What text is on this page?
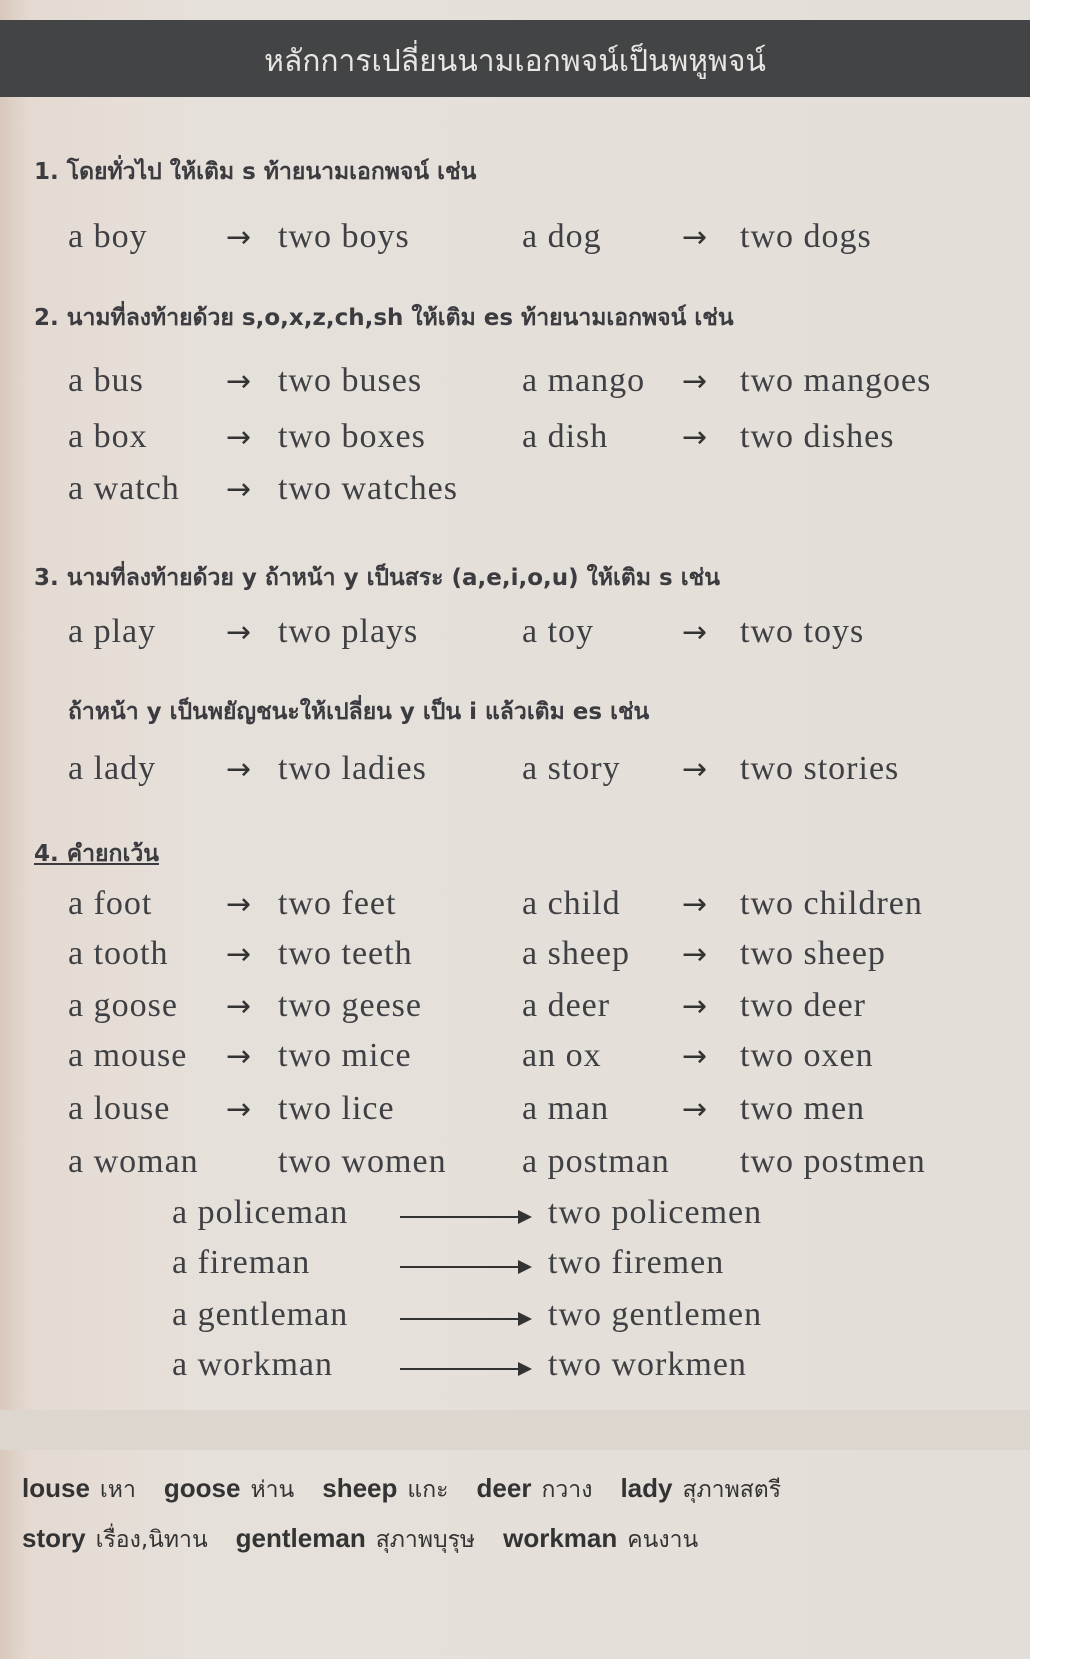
หลักการเปลี่ยนนามเอกพจน์เป็นพหูพจน์
1. โดยทั่วไป ให้เติม s ท้ายนามเอกพจน์ เช่น
2. นามที่ลงท้ายด้วย s,o,x,z,ch,sh ให้เติม es ท้ายนามเอกพจน์ เช่น
3. นามที่ลงท้ายด้วย y ถ้าหน้า y เป็นสระ (a,e,i,o,u) ให้เติม s เช่น
ถ้าหน้า y เป็นพยัญชนะให้เปลี่ยน y เป็น i แล้วเติม es เช่น
4. คำยกเว้น
a boy	→ two boys	a dog	→ two dogs
a bus	→ two buses	a mango → two mangoes
a box	→ two boxes	a dish → two dishes
a watch → two watches
a play → two plays	a toy	→ two toys
a lady → two ladies	a story → two stories
a foot → two feet	a child → two children
a tooth → two teeth	a sheep → two sheep
a goose → two geese	a deer → two deer
a mouse → two mice	an ox	→ two oxen
a louse → two lice	a man → two men
a woman two women a postman two postmen
a policeman	two policemen
a fireman	two firemen
a gentleman	two gentlemen
a workman	two workmen
louse เหา goose ห่าน sheep แกะ deer กวาง lady สุภาพสตรี
story เรื่อง,นิทาน gentleman สุภาพบุรุษ workman คนงาน
